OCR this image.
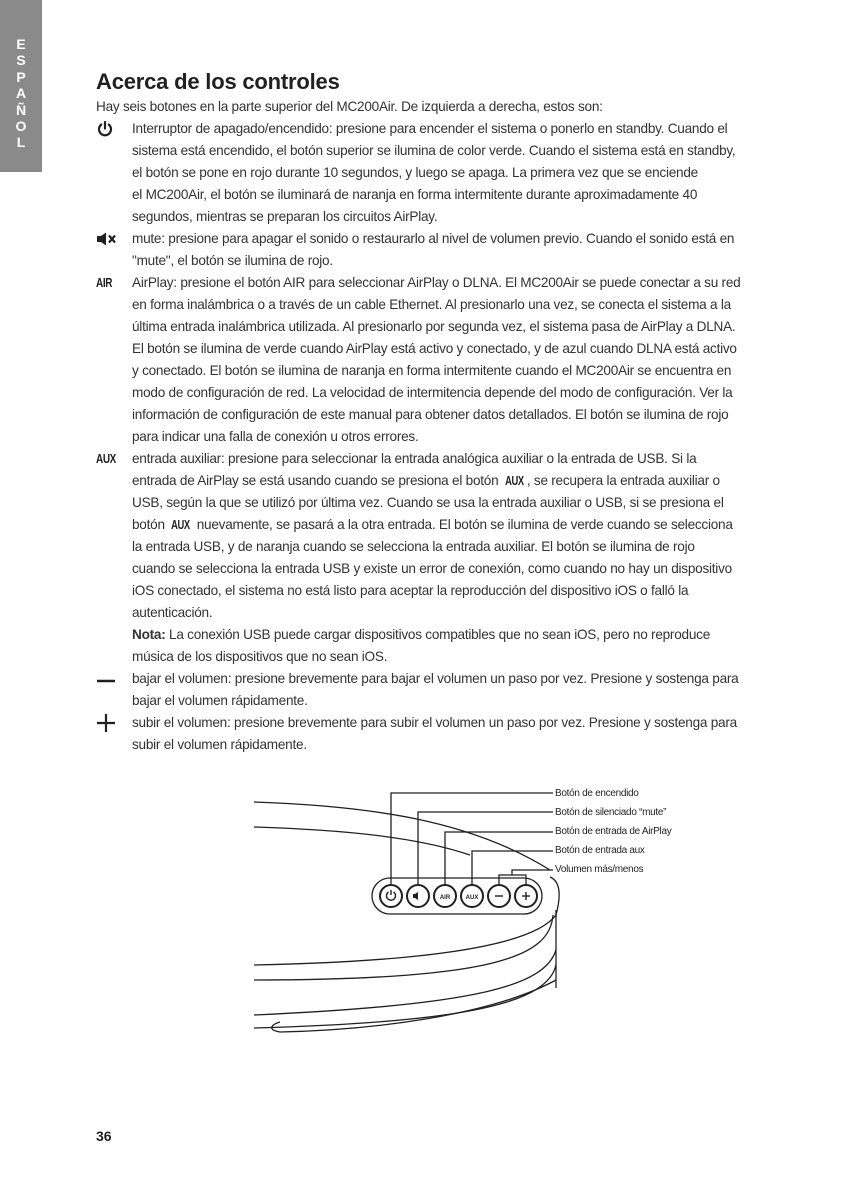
E
S
P
A
Ñ
O
L
Acerca de los controles

Hay seis botones en la parte superior del MC200Air. De izquierda a derecha, estos son:

Interruptor de apagado/encendido: presione para encender el sistema o ponerlo en standby. Cuando el
sistema está encendido, el botón superior se ilumina de color verde. Cuando el sistema está en standby,
el botón se pone en rojo durante 10 segundos, y luego se apaga. La primera vez que se enciende
el MC200Air, el botón se iluminará de naranja en forma intermitente durante aproximadamente 40
segundos, mientras se preparan los circuitos AirPlay.
mute: presione para apagar el sonido o restaurarlo al nivel de volumen previo. Cuando el sonido está en
"mute", el botón se ilumina de rojo.
AIR AirPlay: presione el botón AIR para seleccionar AirPlay o DLNA. El MC200Air se puede conectar a su red
en forma inalámbrica o a través de un cable Ethernet. Al presionarlo una vez, se conecta el sistema a la
última entrada inalámbrica utilizada. Al presionarlo por segunda vez, el sistema pasa de AirPlay a DLNA.
El botón se ilumina de verde cuando AirPlay está activo y conectado, y de azul cuando DLNA está activo
y conectado. El botón se ilumina de naranja en forma intermitente cuando el MC200Air se encuentra en
modo de configuración de red. La velocidad de intermitencia depende del modo de configuración. Ver la
información de configuración de este manual para obtener datos detallados. El botón se ilumina de rojo
para indicar una falla de conexión u otros errores.
AUX entrada auxiliar: presione para seleccionar la entrada analógica auxiliar o la entrada de USB. Si la
entrada de AirPlay se está usando cuando se presiona el botón AUX , se recupera la entrada auxiliar o
USB, según la que se utilizó por última vez. Cuando se usa la entrada auxiliar o USB, si se presiona el
botón AUX nuevamente, se pasará a la otra entrada. El botón se ilumina de verde cuando se selecciona
la entrada USB, y de naranja cuando se selecciona la entrada auxiliar. El botón se ilumina de rojo
cuando se selecciona la entrada USB y existe un error de conexión, como cuando no hay un dispositivo
iOS conectado, el sistema no está listo para aceptar la reproducción del dispositivo iOS o falló la
autenticación.
Nota: La conexión USB puede cargar dispositivos compatibles que no sean iOS, pero no reproduce
música de los dispositivos que no sean iOS.
bajar el volumen: presione brevemente para bajar el volumen un paso por vez. Presione y sostenga para
bajar el volumen rápidamente.
subir el volumen: presione brevemente para subir el volumen un paso por vez. Presione y sostenga para
subir el volumen rápidamente.
AIR	AUX
Botón de encendido
Botón de silenciado “mute”
Botón de entrada de AirPlay
Botón de entrada aux
Volumen más/menos
36
